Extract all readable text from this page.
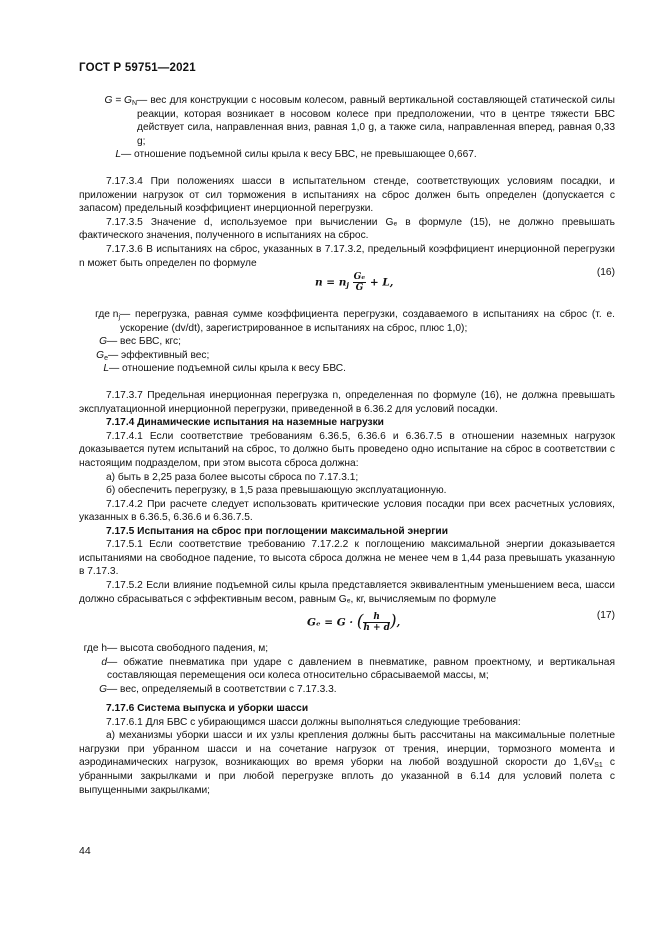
ГОСТ Р 59751—2021
$G = G_N$ — вес для конструкции с носовым колесом, равный вертикальной составляющей статической силы реакции, которая возникает в носовом колесе при предположении, что в центре тяжести БВС действует сила, направленная вниз, равная 1,0 g, а также сила, направленная вперед, равная 0,33 g;
L — отношение подъемной силы крыла к весу БВС, не превышающее 0,667.

7.17.3.4 При положениях шасси в испытательном стенде, соответствующих условиям посадки, и приложении нагрузок от сил торможения в испытаниях на сброс должен быть определен (допускается с запасом) предельный коэффициент инерционной перегрузки.

7.17.3.5 Значение d, используемое при вычислении Gₑ в формуле (15), не должно превышать фактического значения, полученного в испытаниях на сброс.

7.17.3.6 В испытаниях на сброс, указанных в 7.17.3.2, предельный коэффициент инерционной перегрузки n может быть определен по формуле

$n = n_j \frac{\text{Gₑ}}{G} + L$,
(16)
где $n_j$ — перегрузка, равная сумме коэффициента перегрузки, создаваемого в испытаниях на сброс (т. е. ускорение (dv/dt), зарегистрированное в испытаниях на сброс, плюс 1,0);
G — вес БВС, кгс;
$G_e$ — эффективный вес;
L — отношение подъемной силы крыла к весу БВС.

7.17.3.7 Предельная инерционная перегрузка n, определенная по формуле (16), не должна превышать эксплуатационной инерционной перегрузки, приведенной в 6.36.2 для условий посадки.

7.17.4 Динамические испытания на наземные нагрузки

7.17.4.1 Если соответствие требованиям 6.36.5, 6.36.6 и 6.36.7.5 в отношении наземных нагрузок доказывается путем испытаний на сброс, то должно быть проведено одно испытание на сброс в соответствии с настоящим подразделом, при этом высота сброса должна:

а) быть в 2,25 раза более высоты сброса по 7.17.3.1;

б) обеспечить перегрузку, в 1,5 раза превышающую эксплуатационную.

7.17.4.2 При расчете следует использовать критические условия посадки при всех расчетных условиях, указанных в 6.36.5, 6.36.6 и 6.36.7.5.

7.17.5 Испытания на сброс при поглощении максимальной энергии

7.17.5.1 Если соответствие требованию 7.17.2.2 к поглощению максимальной энергии доказывается испытаниями на свободное падение, то высота сброса должна не менее чем в 1,44 раза превышать указанную в 7.17.3.

7.17.5.2 Если влияние подъемной силы крыла представляется эквивалентным уменьшением веса, шасси должно сбрасываться с эффективным весом, равным Gₑ, кг, вычисляемым по формуле

Gₑ = G · ( $\frac{h}{h + d}$ ),
(17)
где h — высота свободного падения, м;
d — обжатие пневматика при ударе с давлением в пневматике, равном проектному, и вертикальная составляющая перемещения оси колеса относительно сбрасываемой массы, м;
G — вес, определяемый в соответствии с 7.17.3.3.

7.17.6 Система выпуска и уборки шасси

7.17.6.1 Для БВС с убирающимся шасси должны выполняться следующие требования:

а) механизмы уборки шасси и их узлы крепления должны быть рассчитаны на максимальные полетные нагрузки при убранном шасси и на сочетание нагрузок от трения, инерции, тормозного момента и аэродинамических нагрузок, возникающих во время уборки на любой воздушной скорости до $1,6V_{S1}$ с убранными закрылками и при любой перегрузке вплоть до указанной в 6.14 для условий полета с выпущенными закрылками;

44
